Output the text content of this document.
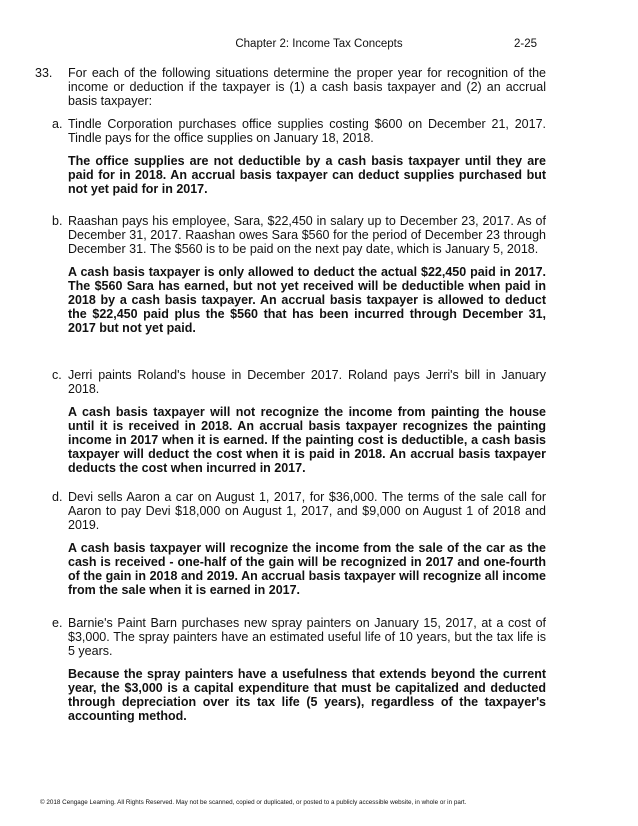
Chapter 2: Income Tax Concepts	2-25
33. For each of the following situations determine the proper year for recognition of the income or deduction if the taxpayer is (1) a cash basis taxpayer and (2) an accrual basis taxpayer:
a. Tindle Corporation purchases office supplies costing $600 on December 21, 2017. Tindle pays for the office supplies on January 18, 2018.
The office supplies are not deductible by a cash basis taxpayer until they are paid for in 2018. An accrual basis taxpayer can deduct supplies purchased but not yet paid for in 2017.
b. Raashan pays his employee, Sara, $22,450 in salary up to December 23, 2017. As of December 31, 2017. Raashan owes Sara $560 for the period of December 23 through December 31. The $560 is to be paid on the next pay date, which is January 5, 2018.
A cash basis taxpayer is only allowed to deduct the actual $22,450 paid in 2017. The $560 Sara has earned, but not yet received will be deductible when paid in 2018 by a cash basis taxpayer. An accrual basis taxpayer is allowed to deduct the $22,450 paid plus the $560 that has been incurred through December 31, 2017 but not yet paid.
c. Jerri paints Roland's house in December 2017. Roland pays Jerri's bill in January 2018.
A cash basis taxpayer will not recognize the income from painting the house until it is received in 2018. An accrual basis taxpayer recognizes the painting income in 2017 when it is earned. If the painting cost is deductible, a cash basis taxpayer will deduct the cost when it is paid in 2018. An accrual basis taxpayer deducts the cost when incurred in 2017.
d. Devi sells Aaron a car on August 1, 2017, for $36,000. The terms of the sale call for Aaron to pay Devi $18,000 on August 1, 2017, and $9,000 on August 1 of 2018 and 2019.
A cash basis taxpayer will recognize the income from the sale of the car as the cash is received - one-half of the gain will be recognized in 2017 and one-fourth of the gain in 2018 and 2019. An accrual basis taxpayer will recognize all income from the sale when it is earned in 2017.
e. Barnie's Paint Barn purchases new spray painters on January 15, 2017, at a cost of $3,000. The spray painters have an estimated useful life of 10 years, but the tax life is 5 years.
Because the spray painters have a usefulness that extends beyond the current year, the $3,000 is a capital expenditure that must be capitalized and deducted through depreciation over its tax life (5 years), regardless of the taxpayer's accounting method.
© 2018 Cengage Learning. All Rights Reserved. May not be scanned, copied or duplicated, or posted to a publicly accessible website, in whole or in part.
